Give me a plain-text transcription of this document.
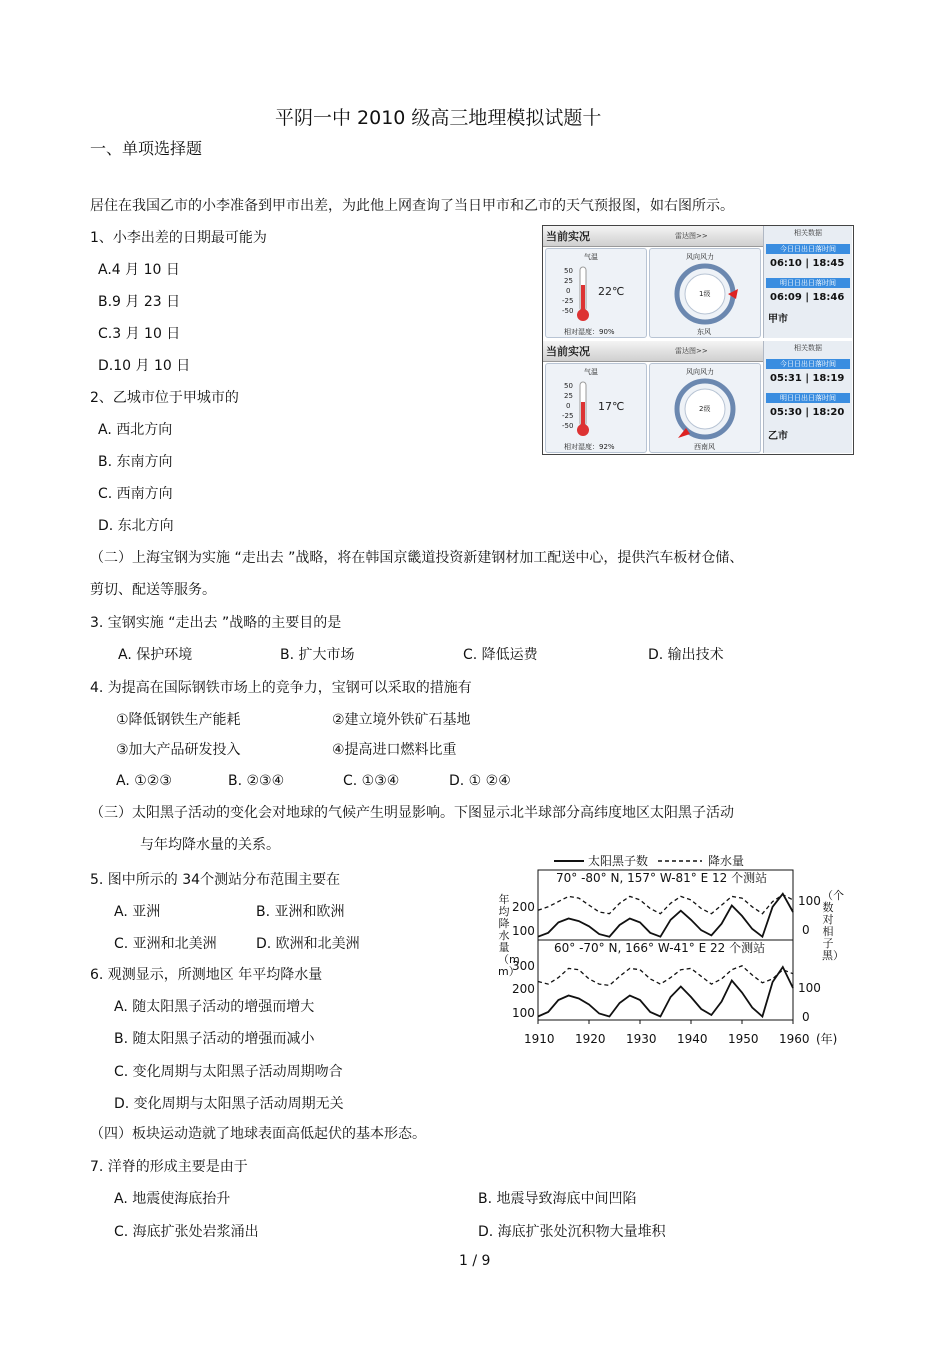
平阴一中 2010 级高三地理模拟试题十
一、单项选择题
居住在我国乙市的小李准备到甲市出差，为此他上网查询了当日甲市和乙市的天气预报图，如右图所示。
1、小李出差的日期最可能为
A.4 月 10 日
B.9 月 23 日
C.3 月 10 日
D.10 月 10 日
2、乙城市位于甲城市的
A. 西北方向
B. 东南方向
C. 西南方向
D. 东北方向
当前实况	雷达图>>
气温
50
25
0
-25
-50
22℃
相对湿度：90%
风向风力
1级
东风
相关数据
今日日出日落时间
06:10 | 18:45
明日日出日落时间
06:09 | 18:46
甲市
当前实况	雷达图>>
气温
50
25
0
-25
-50
17℃
相对湿度：92%
风向风力
2级
西南风
相关数据
今日日出日落时间
05:31 | 18:19
明日日出日落时间
05:30 | 18:20
乙市
（二）上海宝钢为实施 “走出去 ”战略，将在韩国京畿道投资新建钢材加工配送中心，提供汽车板材仓储、
剪切、配送等服务。
3. 宝钢实施 “走出去 ”战略的主要目的是
A. 保护环境	B. 扩大市场	C. 降低运费	D. 输出技术
4. 为提高在国际钢铁市场上的竞争力，宝钢可以采取的措施有
①降低钢铁生产能耗	②建立境外铁矿石基地
③加大产品研发投入	④提高进口燃料比重
A. ①②③	B. ②③④	C. ①③④	D. ① ②④
（三）太阳黑子活动的变化会对地球的气候产生明显影响。下图显示北半球部分高纬度地区太阳黑子活动
与年均降水量的关系。
5. 图中所示的 34个测站分布范围主要在
A. 亚洲	B. 亚洲和欧洲
C. 亚洲和北美洲	D. 欧洲和北美洲
6. 观测显示，所测地区 年平均降水量
A. 随太阳黑子活动的增强而增大
B. 随太阳黑子活动的增强而减小
C. 变化周期与太阳黑子活动周期吻合
D. 变化周期与太阳黑子活动周期无关
太阳黑子数	降水量
70° -80° N, 157° W-81° E 12 个测站
200
100
100
0
60° -70° N, 166° W-41° E 22 个测站
300
200
100
100
0
1910 1920 1930 1940 1950 1960 (年)
年均降水量（mm）
（个数对相子黑）
（四）板块运动造就了地球表面高低起伏的基本形态。
7. 洋脊的形成主要是由于
A. 地震使海底抬升	B. 地震导致海底中间凹陷
C. 海底扩张处岩浆涌出	D. 海底扩张处沉积物大量堆积
1 / 9
